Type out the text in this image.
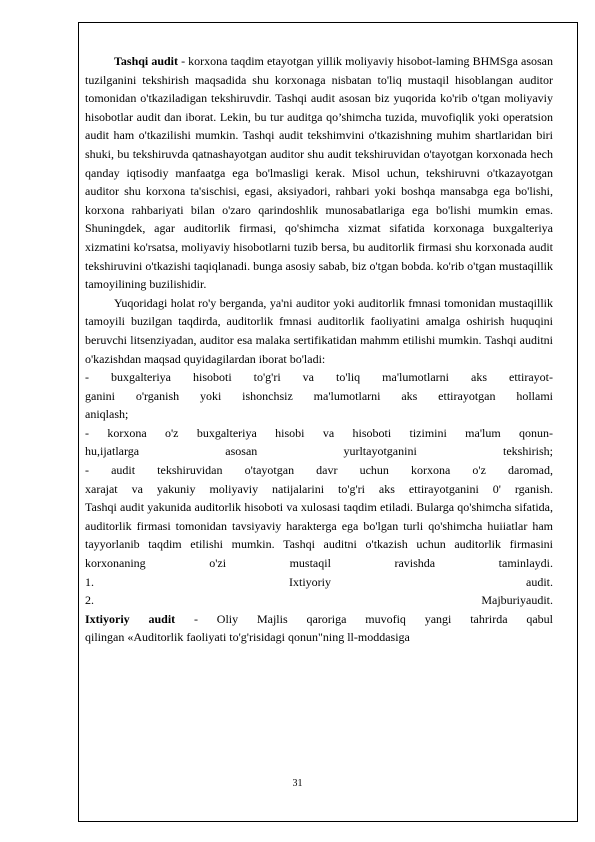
Tashqi audit - korxona taqdim etayotgan yillik moliyaviy hisobot-laming BHMSga asosan tuzilganini tekshirish maqsadida shu korxonaga nisbatan to'liq mustaqil hisoblangan auditor tomonidan o'tkaziladigan tekshiruvdir. Tashqi audit asosan biz yuqorida ko'rib o'tgan moliyaviy hisobotlar audit dan iborat. Lekin, bu tur auditga qo’shimcha tuzida, muvofiqlik yoki operatsion audit ham o'tkazilishi mumkin. Tashqi audit tekshimvini o'tkazishning muhim shartlaridan biri shuki, bu tekshiruvda qatnashayotgan auditor shu audit tekshiruvidan o'tayotgan korxonada hech qanday iqtisodiy manfaatga ega bo'lmasligi kerak. Misol uchun, tekshiruvni o'tkazayotgan auditor shu korxona ta'sischisi, egasi, aksiyadori, rahbari yoki boshqa mansabga ega bo'lishi, korxona rahbariyati bilan o'zaro qarindoshlik munosabatlariga ega bo'lishi mumkin emas. Shuningdek, agar auditorlik firmasi, qo'shimcha xizmat sifatida korxonaga buxgalteriya xizmatini ko'rsatsa, moliyaviy hisobotlarni tuzib bersa, bu auditorlik firmasi shu korxonada audit tekshiruvini o'tkazishi taqiqlanadi. bunga asosiy sabab, biz o'tgan bobda. ko'rib o'tgan mustaqillik tamoyilining buzilishidir.

Yuqoridagi holat ro'y berganda, ya'ni auditor yoki auditorlik fmnasi tomonidan mustaqillik tamoyili buzilgan taqdirda, auditorlik fmnasi auditorlik faoliyatini amalga oshirish huquqini beruvchi litsenziyadan, auditor esa malaka sertifikatidan mahmm etilishi mumkin. Tashqi auditni o'kazishdan maqsad quyidagilardan iborat bo'ladi:

- buxgalteriya hisoboti to'g'ri va to'liq ma'lumotlarni aks ettirayot-

ganini o'rganish yoki ishonchsiz ma'lumotlarni aks ettirayotgan hollami

aniqlash;

- korxona o'z buxgalteriya hisobi va hisoboti tizimini ma'lum qonun-

hu,ijatlarga asosan yurltayotganini tekshirish;

- audit tekshiruvidan o'tayotgan davr uchun korxona o'z daromad,

xarajat va yakuniy moliyaviy natijalarini to'g'ri aks ettirayotganini 0' rganish.

Tashqi audit yakunida auditorlik hisoboti va xulosasi taqdim etiladi. Bularga qo'shimcha sifatida, auditorlik firmasi tomonidan tavsiyaviy harakterga ega bo'lgan turli qo'shimcha huiiatlar ham tayyorlanib taqdim etilishi mumkin. Tashqi auditni o'tkazish uchun auditorlik firmasini korxonaning o'zi mustaqil ravishda taminlaydi.

1.	Ixtiyoriy audit.

2.	Majburiyaudit.

Ixtiyoriy audit - Oliy Majlis qaroriga muvofiq yangi tahrirda qabul

qilingan «Auditorlik faoliyati to'g'risidagi qonun"ning ll-moddasiga

31
